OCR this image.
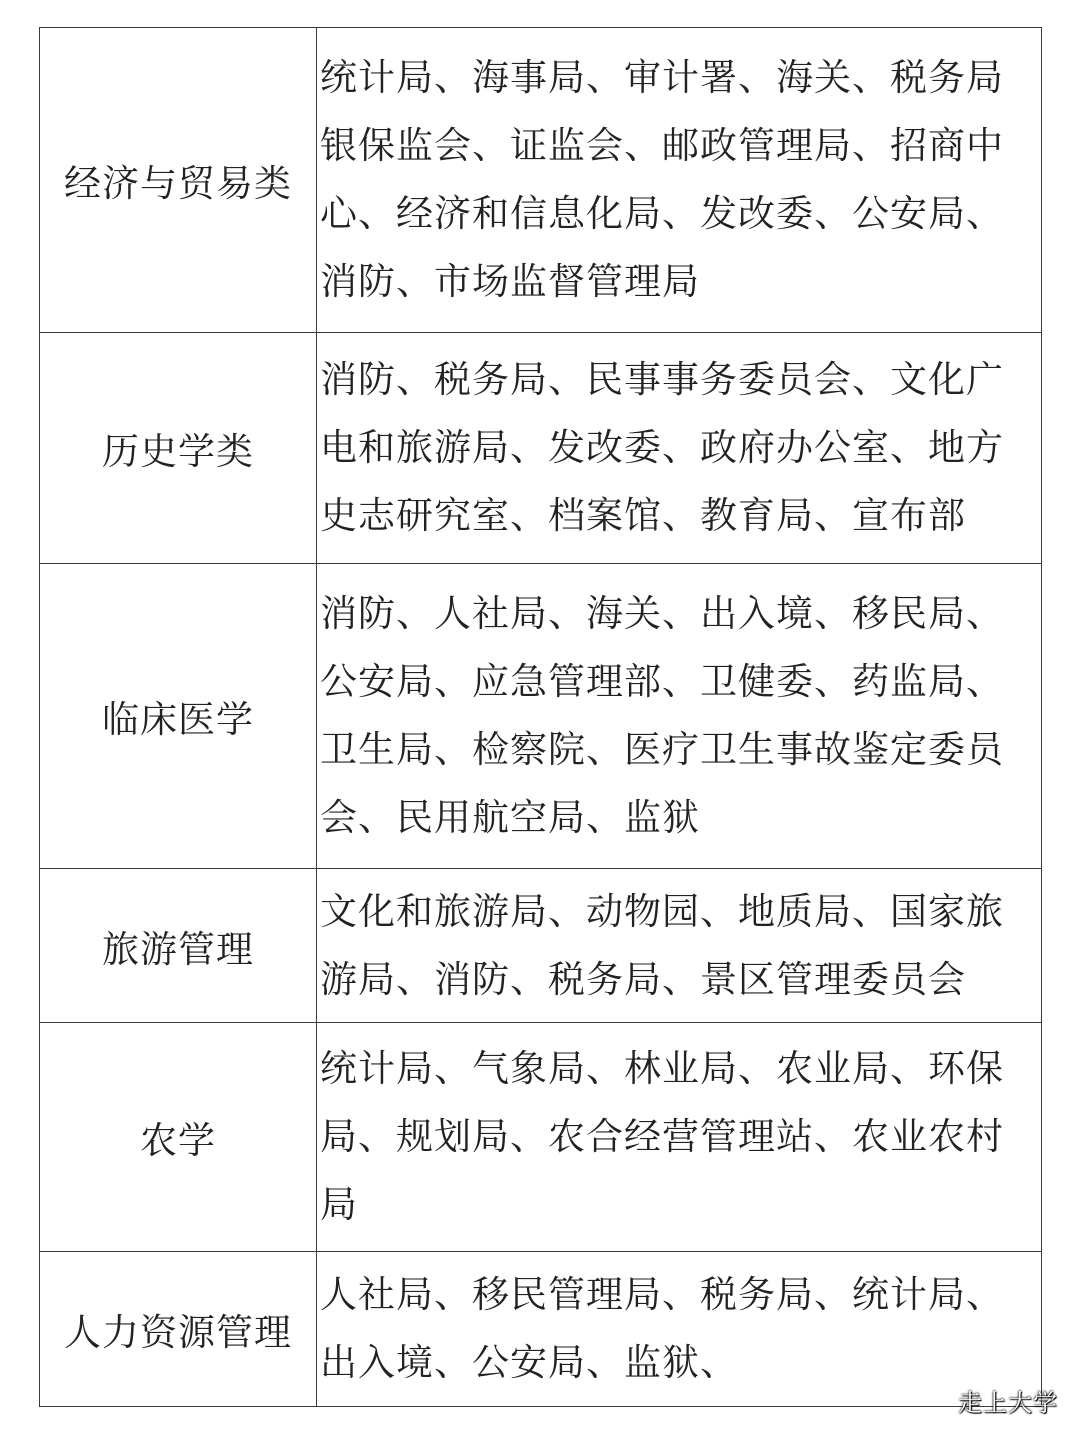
经济与贸易类	统计局、海事局、审计署、海关、税务局银保监会、证监会、邮政管理局、招商中心、经济和信息化局、发改委、公安局、消防、市场监督管理局
历史学类	消防、税务局、民事事务委员会、文化广电和旅游局、发改委、政府办公室、地方史志研究室、档案馆、教育局、宣布部
临床医学	消防、人社局、海关、出入境、移民局、公安局、应急管理部、卫健委、药监局、卫生局、检察院、医疗卫生事故鉴定委员会、民用航空局、监狱
旅游管理	文化和旅游局、动物园、地质局、国家旅游局、消防、税务局、景区管理委员会
农学	统计局、气象局、林业局、农业局、环保局、规划局、农合经营管理站、农业农村局
人力资源管理	人社局、移民管理局、税务局、统计局、出入境、公安局、监狱、
走上大学
